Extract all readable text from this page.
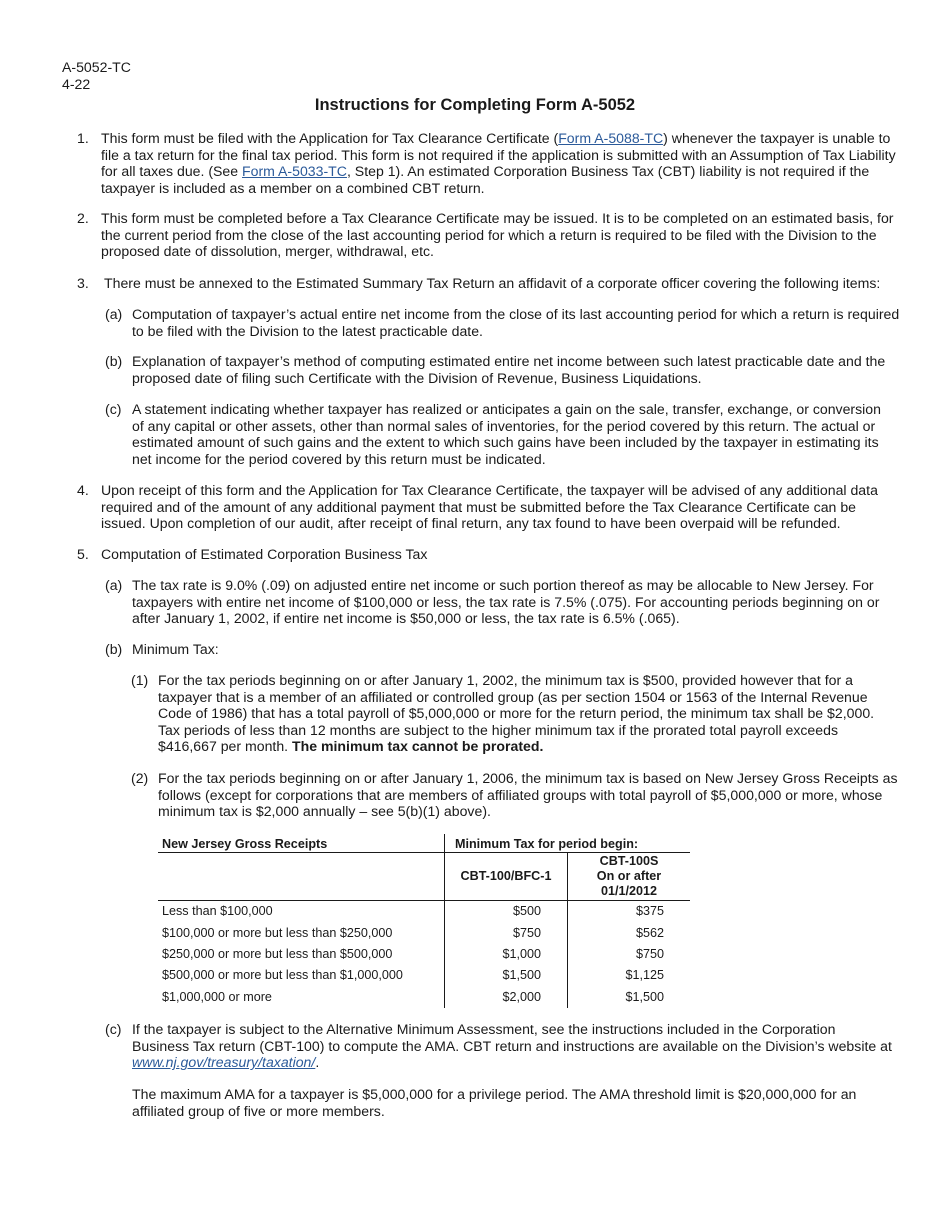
A-5052-TC
4-22
Instructions for Completing Form A-5052
1. This form must be filed with the Application for Tax Clearance Certificate (Form A-5088-TC) whenever the taxpayer is unable to file a tax return for the final tax period. This form is not required if the application is submitted with an Assumption of Tax Liability for all taxes due. (See Form A-5033-TC, Step 1). An estimated Corporation Business Tax (CBT) liability is not required if the taxpayer is included as a member on a combined CBT return.
2. This form must be completed before a Tax Clearance Certificate may be issued. It is to be completed on an estimated basis, for the current period from the close of the last accounting period for which a return is required to be filed with the Division to the proposed date of dissolution, merger, withdrawal, etc.
3. There must be annexed to the Estimated Summary Tax Return an affidavit of a corporate officer covering the following items:
(a) Computation of taxpayer’s actual entire net income from the close of its last accounting period for which a return is required to be filed with the Division to the latest practicable date.
(b) Explanation of taxpayer’s method of computing estimated entire net income between such latest practicable date and the proposed date of filing such Certificate with the Division of Revenue, Business Liquidations.
(c) A statement indicating whether taxpayer has realized or anticipates a gain on the sale, transfer, exchange, or conversion of any capital or other assets, other than normal sales of inventories, for the period covered by this return. The actual or estimated amount of such gains and the extent to which such gains have been included by the taxpayer in estimating its net income for the period covered by this return must be indicated.
4. Upon receipt of this form and the Application for Tax Clearance Certificate, the taxpayer will be advised of any additional data required and of the amount of any additional payment that must be submitted before the Tax Clearance Certificate can be issued. Upon completion of our audit, after receipt of final return, any tax found to have been overpaid will be refunded.
5. Computation of Estimated Corporation Business Tax
(a) The tax rate is 9.0% (.09) on adjusted entire net income or such portion thereof as may be allocable to New Jersey. For taxpayers with entire net income of $100,000 or less, the tax rate is 7.5% (.075). For accounting periods beginning on or after January 1, 2002, if entire net income is $50,000 or less, the tax rate is 6.5% (.065).
(b) Minimum Tax:
(1) For the tax periods beginning on or after January 1, 2002, the minimum tax is $500, provided however that for a taxpayer that is a member of an affiliated or controlled group (as per section 1504 or 1563 of the Internal Revenue Code of 1986) that has a total payroll of $5,000,000 or more for the return period, the minimum tax shall be $2,000. Tax periods of less than 12 months are subject to the higher minimum tax if the prorated total payroll exceeds $416,667 per month. The minimum tax cannot be prorated.
(2) For the tax periods beginning on or after January 1, 2006, the minimum tax is based on New Jersey Gross Receipts as follows (except for corporations that are members of affiliated groups with total payroll of $5,000,000 or more, whose minimum tax is $2,000 annually – see 5(b)(1) above).
New Jersey Gross Receipts	Minimum Tax for period begin:	
	CBT-100/BFC-1	CBT-100S
On or after
01/1/2012
Less than $100,000	$500	$375
$100,000 or more but less than $250,000	$750	$562
$250,000 or more but less than $500,000	$1,000	$750
$500,000 or more but less than $1,000,000	$1,500	$1,125
$1,000,000 or more	$2,000	$1,500
(c) If the taxpayer is subject to the Alternative Minimum Assessment, see the instructions included in the Corporation Business Tax return (CBT-100) to compute the AMA. CBT return and instructions are available on the Division’s website at www.nj.gov/treasury/taxation/.
The maximum AMA for a taxpayer is $5,000,000 for a privilege period. The AMA threshold limit is $20,000,000 for an affiliated group of five or more members.
